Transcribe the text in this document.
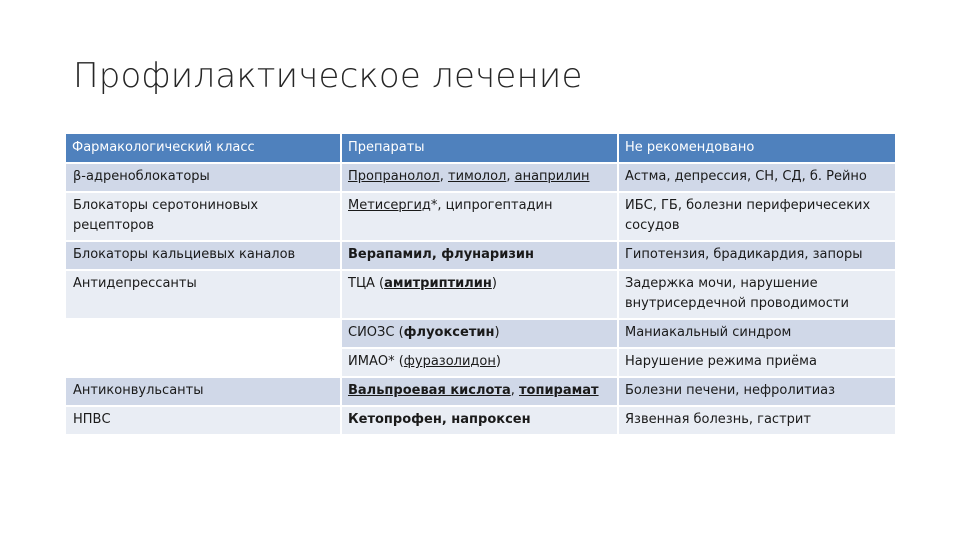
Профилактическое лечение
Фармакологический класс	Препараты	Не рекомендовано
β-адреноблокаторы	Пропранолол, тимолол, анаприлин	Астма, депрессия, СН, СД, б. Рейно
Блокаторы серотониновых рецепторов	Метисергид*, ципрогептадин	ИБС, ГБ, болезни периферичесеких сосудов
Блокаторы кальциевых каналов	Верапамил, флунаризин	Гипотензия, брадикардия, запоры
Антидепрессанты	ТЦА (амитриптилин)	Задержка мочи, нарушение внутрисердечной проводимости
	СИОЗС (флуоксетин)	Маниакальный синдром
	ИМАО* (фуразолидон)	Нарушение режима приёма
Антиконвульсанты	Вальпроевая кислота, топирамат	Болезни печени, нефролитиаз
НПВС	Кетопрофен, напроксен	Язвенная болезнь, гастрит
